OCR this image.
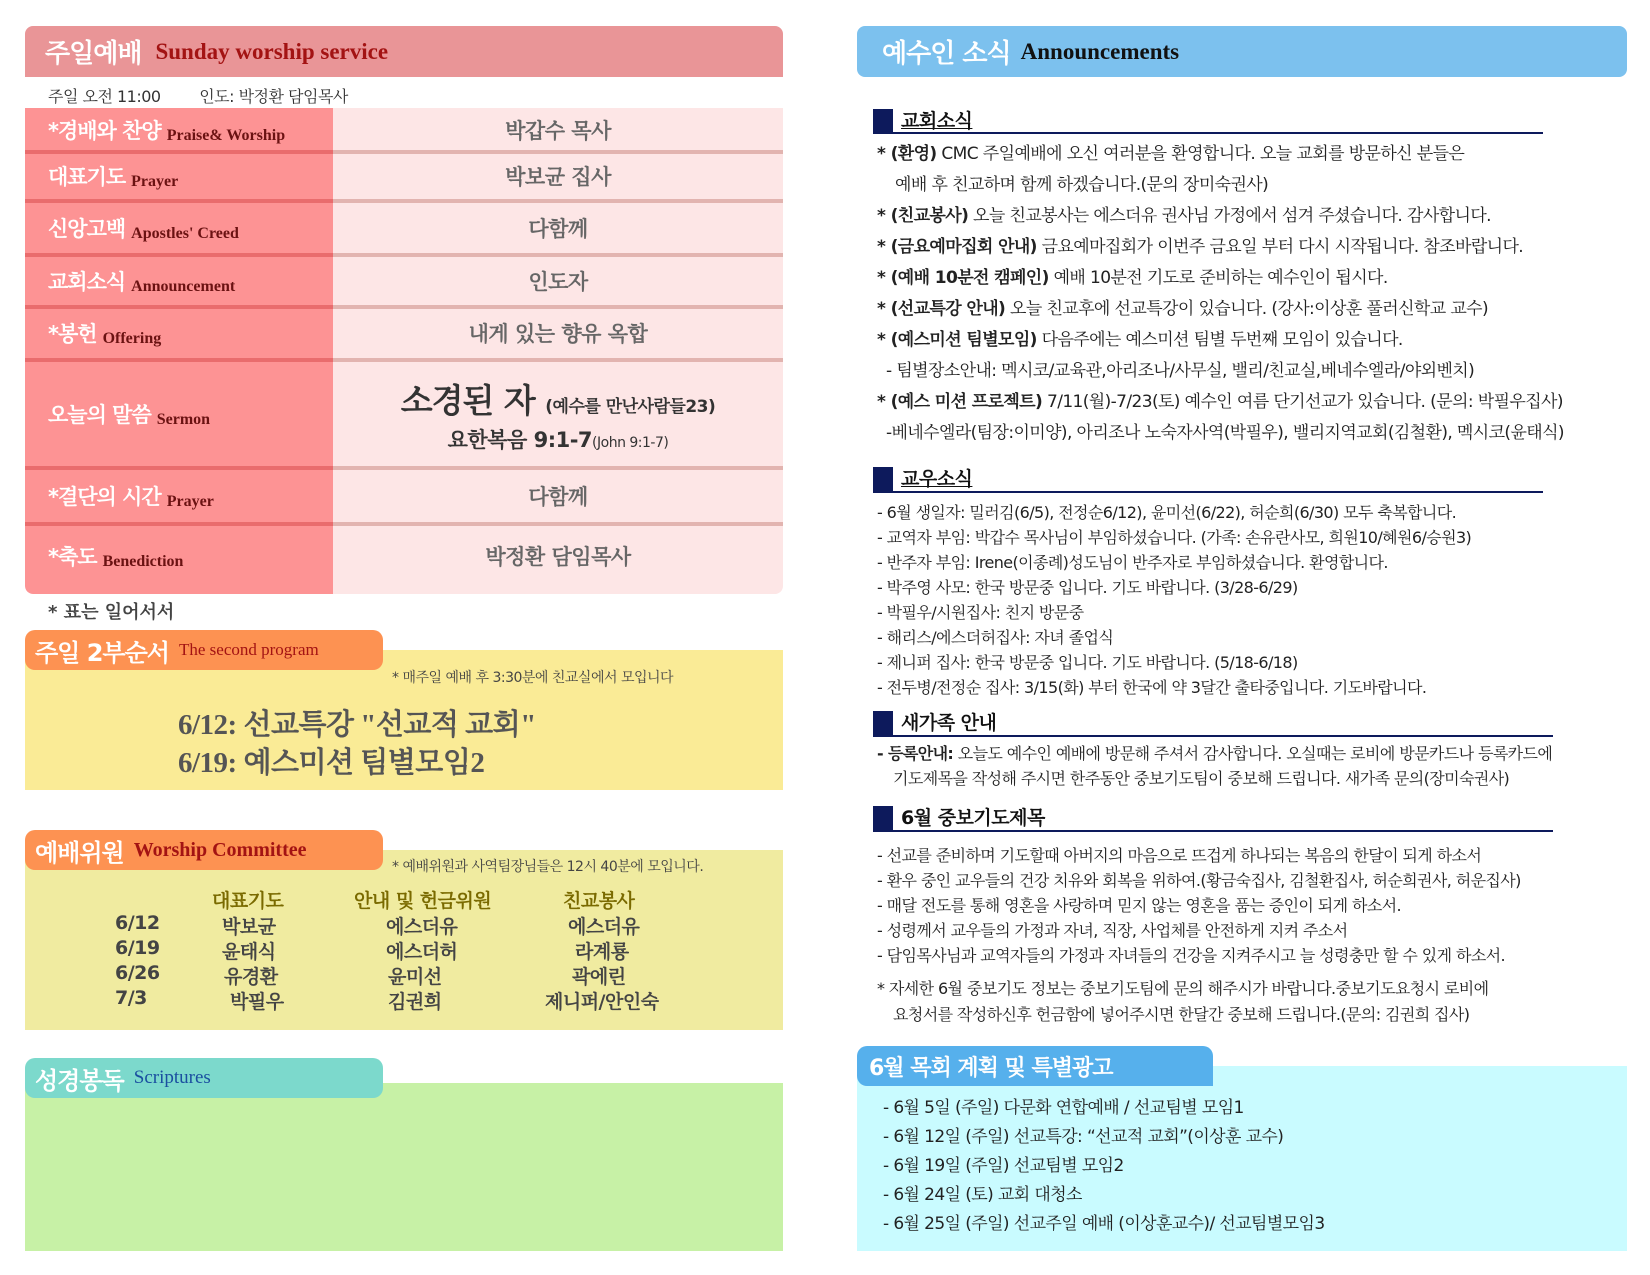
주일예배 Sunday worship service
주일 오전 11:00 인도: 박정환 담임목사
*경배와 찬양 Praise& Worship	박갑수 목사
대표기도 Prayer	박보균 집사
신앙고백 Apostles' Creed	다함께
교회소식 Announcement	인도자
*봉헌 Offering	내게 있는 향유 옥합
오늘의 말씀 Sermon	소경된 자 (예수를 만난사람들23)
요한복음 9:1-7(John 9:1-7)
*결단의 시간 Prayer	다함께
*축도 Benediction	박정환 담임목사
* 표는 일어서서
주일 2부순서 The second program
* 매주일 예배 후 3:30분에 친교실에서 모입니다
6/12: 선교특강 "선교적 교회"
6/19: 예스미션 팀별모임2
예배위원 Worship Committee
* 예배위원과 사역팀장님들은 12시 40분에 모입니다.
대표기도	안내 및 헌금위원	친교봉사
6/12	박보균	에스더유	에스더유
6/19	윤태식	에스더허	라계룡
6/26	유경환	윤미선	곽에린
7/3	박필우	김권희	제니퍼/안인숙
성경봉독 Scriptures
예수인 소식 Announcements
교회소식
* (환영) CMC 주일예배에 오신 여러분을 환영합니다. 오늘 교회를 방문하신 분들은
예배 후 친교하며 함께 하겠습니다.(문의 장미숙권사)
* (친교봉사) 오늘 친교봉사는 에스더유 권사님 가정에서 섬겨 주셨습니다. 감사합니다.
* (금요예마집회 안내) 금요예마집회가 이번주 금요일 부터 다시 시작됩니다. 참조바랍니다.
* (예배 10분전 캠페인) 예배 10분전 기도로 준비하는 예수인이 됩시다.
* (선교특강 안내) 오늘 친교후에 선교특강이 있습니다. (강사:이상훈 풀러신학교 교수)
* (예스미션 팀별모임) 다음주에는 예스미션 팀별 두번째 모임이 있습니다.
- 팀별장소안내: 멕시코/교육관,아리조나/사무실, 밸리/친교실,베네수엘라/야외벤치)
* (예스 미션 프로젝트) 7/11(월)-7/23(토) 예수인 여름 단기선교가 있습니다. (문의: 박필우집사)
-베네수엘라(팀장:이미양), 아리조나 노숙자사역(박필우), 밸리지역교회(김철환), 멕시코(윤태식)
교우소식
- 6월 생일자: 밀러김(6/5), 전정순6/12), 윤미선(6/22), 허순희(6/30) 모두 축복합니다.
- 교역자 부임: 박갑수 목사님이 부임하셨습니다. (가족: 손유란사모, 희원10/혜원6/승원3)
- 반주자 부임: Irene(이종례)성도님이 반주자로 부임하셨습니다. 환영합니다.
- 박주영 사모: 한국 방문중 입니다. 기도 바랍니다. (3/28-6/29)
- 박필우/시원집사: 친지 방문중
- 해리스/에스더허집사: 자녀 졸업식
- 제니퍼 집사: 한국 방문중 입니다. 기도 바랍니다. (5/18-6/18)
- 전두병/전정순 집사: 3/15(화) 부터 한국에 약 3달간 출타중입니다. 기도바랍니다.
새가족 안내
- 등록안내: 오늘도 예수인 예배에 방문해 주셔서 감사합니다. 오실때는 로비에 방문카드나 등록카드에
기도제목을 작성해 주시면 한주동안 중보기도팀이 중보해 드립니다. 새가족 문의(장미숙권사)
6월 중보기도제목
- 선교를 준비하며 기도할때 아버지의 마음으로 뜨겁게 하나되는 복음의 한달이 되게 하소서
- 환우 중인 교우들의 건강 치유와 회복을 위하여.(황금숙집사, 김철환집사, 허순희권사, 허운집사)
- 매달 전도를 통해 영혼을 사랑하며 믿지 않는 영혼을 품는 증인이 되게 하소서.
- 성령께서 교우들의 가정과 자녀, 직장, 사업체를 안전하게 지켜 주소서
- 담임목사님과 교역자들의 가정과 자녀들의 건강을 지켜주시고 늘 성령충만 할 수 있게 하소서.
* 자세한 6월 중보기도 정보는 중보기도팀에 문의 해주시가 바랍니다.중보기도요청시 로비에
요청서를 작성하신후 헌금함에 넣어주시면 한달간 중보해 드립니다.(문의: 김권희 집사)
6월 목회 계획 및 특별광고
- 6월 5일 (주일) 다문화 연합예배 / 선교팀별 모임1
- 6월 12일 (주일) 선교특강: “선교적 교회”(이상훈 교수)
- 6월 19일 (주일) 선교팀별 모임2
- 6월 24일 (토) 교회 대청소
- 6월 25일 (주일) 선교주일 예배 (이상훈교수)/ 선교팀별모임3
